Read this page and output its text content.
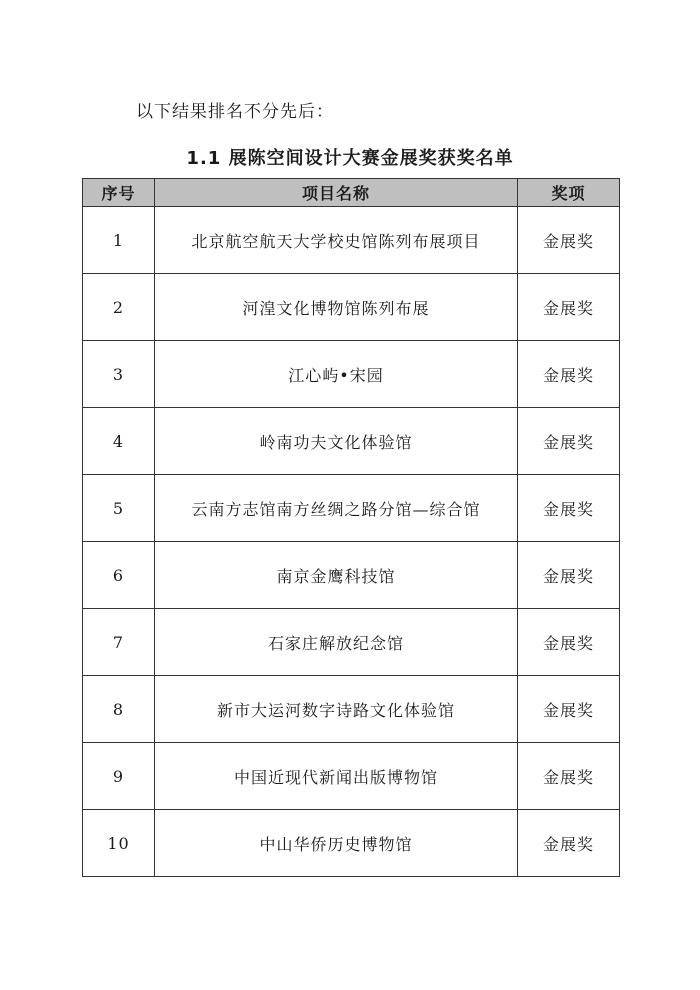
以下结果排名不分先后：
1.1 展陈空间设计大赛金展奖获奖名单
序号	项目名称	奖项
1	北京航空航天大学校史馆陈列布展项目	金展奖
2	河湟文化博物馆陈列布展	金展奖
3	江心屿•宋园	金展奖
4	岭南功夫文化体验馆	金展奖
5	云南方志馆南方丝绸之路分馆—综合馆	金展奖
6	南京金鹰科技馆	金展奖
7	石家庄解放纪念馆	金展奖
8	新市大运河数字诗路文化体验馆	金展奖
9	中国近现代新闻出版博物馆	金展奖
10	中山华侨历史博物馆	金展奖
